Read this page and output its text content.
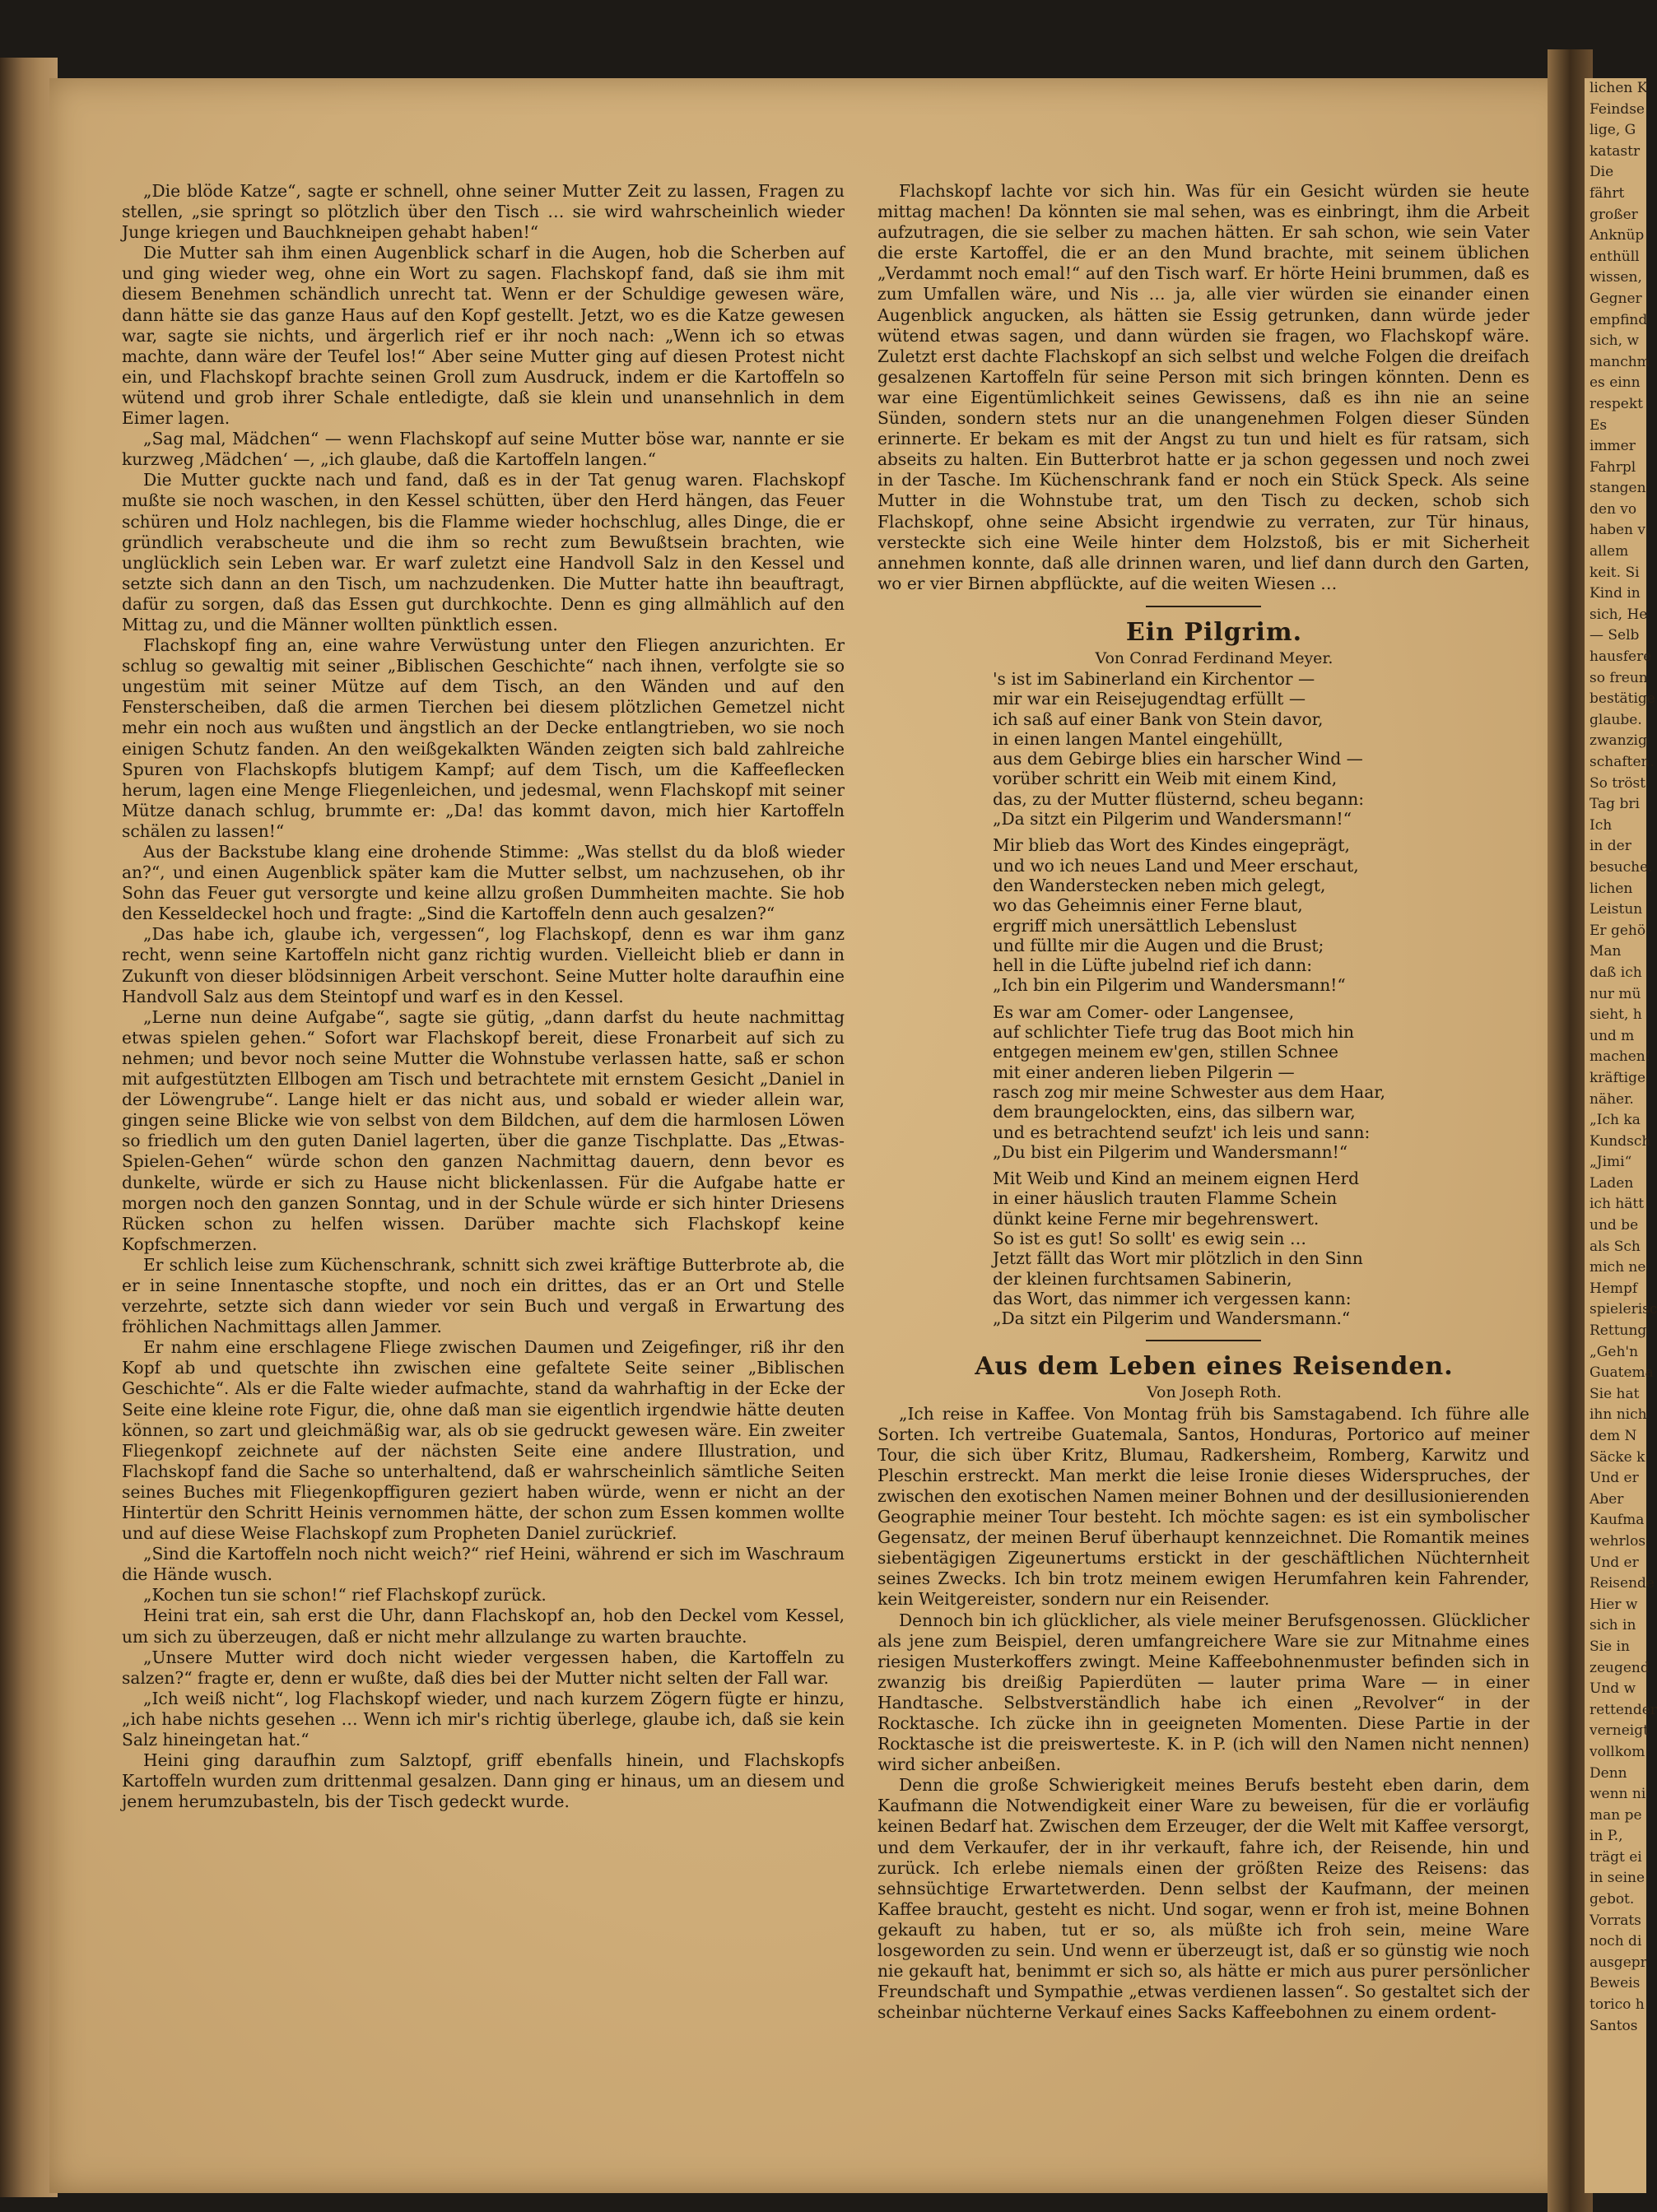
„Die blöde Katze“, sagte er schnell, ohne seiner Mutter Zeit zu lassen, Fragen zu stellen, „sie springt so plötzlich über den Tisch … sie wird wahrscheinlich wieder Junge kriegen und Bauchkneipen gehabt haben!“

Die Mutter sah ihm einen Augenblick scharf in die Augen, hob die Scherben auf und ging wieder weg, ohne ein Wort zu sagen. Flachskopf fand, daß sie ihm mit diesem Benehmen schändlich unrecht tat. Wenn er der Schuldige gewesen wäre, dann hätte sie das ganze Haus auf den Kopf gestellt. Jetzt, wo es die Katze gewesen war, sagte sie nichts, und ärgerlich rief er ihr noch nach: „Wenn ich so etwas machte, dann wäre der Teufel los!“ Aber seine Mutter ging auf diesen Protest nicht ein, und Flachskopf brachte seinen Groll zum Ausdruck, indem er die Kartoffeln so wütend und grob ihrer Schale entledigte, daß sie klein und unansehnlich in dem Eimer lagen.

„Sag mal, Mädchen“ — wenn Flachskopf auf seine Mutter böse war, nannte er sie kurzweg ‚Mädchen‘ —, „ich glaube, daß die Kartoffeln langen.“

Die Mutter guckte nach und fand, daß es in der Tat genug waren. Flachskopf mußte sie noch waschen, in den Kessel schütten, über den Herd hängen, das Feuer schüren und Holz nachlegen, bis die Flamme wieder hochschlug, alles Dinge, die er gründlich verabscheute und die ihm so recht zum Bewußtsein brachten, wie unglücklich sein Leben war. Er warf zuletzt eine Handvoll Salz in den Kessel und setzte sich dann an den Tisch, um nachzudenken. Die Mutter hatte ihn beauftragt, dafür zu sorgen, daß das Essen gut durchkochte. Denn es ging allmählich auf den Mittag zu, und die Männer wollten pünktlich essen.

Flachskopf fing an, eine wahre Verwüstung unter den Fliegen anzurichten. Er schlug so gewaltig mit seiner „Biblischen Geschichte“ nach ihnen, verfolgte sie so ungestüm mit seiner Mütze auf dem Tisch, an den Wänden und auf den Fensterscheiben, daß die armen Tierchen bei diesem plötzlichen Gemetzel nicht mehr ein noch aus wußten und ängstlich an der Decke entlangtrieben, wo sie noch einigen Schutz fanden. An den weißgekalkten Wänden zeigten sich bald zahlreiche Spuren von Flachskopfs blutigem Kampf; auf dem Tisch, um die Kaffeeflecken herum, lagen eine Menge Fliegenleichen, und jedesmal, wenn Flachskopf mit seiner Mütze danach schlug, brummte er: „Da! das kommt davon, mich hier Kartoffeln schälen zu lassen!“

Aus der Backstube klang eine drohende Stimme: „Was stellst du da bloß wieder an?“, und einen Augenblick später kam die Mutter selbst, um nachzusehen, ob ihr Sohn das Feuer gut versorgte und keine allzu großen Dummheiten machte. Sie hob den Kesseldeckel hoch und fragte: „Sind die Kartoffeln denn auch gesalzen?“

„Das habe ich, glaube ich, vergessen“, log Flachskopf, denn es war ihm ganz recht, wenn seine Kartoffeln nicht ganz richtig wurden. Vielleicht blieb er dann in Zukunft von dieser blödsinnigen Arbeit verschont. Seine Mutter holte daraufhin eine Handvoll Salz aus dem Steintopf und warf es in den Kessel.

„Lerne nun deine Aufgabe“, sagte sie gütig, „dann darfst du heute nachmittag etwas spielen gehen.“ Sofort war Flachskopf bereit, diese Fronarbeit auf sich zu nehmen; und bevor noch seine Mutter die Wohnstube verlassen hatte, saß er schon mit aufgestützten Ellbogen am Tisch und betrachtete mit ernstem Gesicht „Daniel in der Löwengrube“. Lange hielt er das nicht aus, und sobald er wieder allein war, gingen seine Blicke wie von selbst von dem Bildchen, auf dem die harmlosen Löwen so friedlich um den guten Daniel lagerten, über die ganze Tischplatte. Das „Etwas-Spielen-Gehen“ würde schon den ganzen Nachmittag dauern, denn bevor es dunkelte, würde er sich zu Hause nicht blickenlassen. Für die Aufgabe hatte er morgen noch den ganzen Sonntag, und in der Schule würde er sich hinter Driesens Rücken schon zu helfen wissen. Darüber machte sich Flachskopf keine Kopfschmerzen.

Er schlich leise zum Küchenschrank, schnitt sich zwei kräftige Butterbrote ab, die er in seine Innentasche stopfte, und noch ein drittes, das er an Ort und Stelle verzehrte, setzte sich dann wieder vor sein Buch und vergaß in Erwartung des fröhlichen Nachmittags allen Jammer.

Er nahm eine erschlagene Fliege zwischen Daumen und Zeigefinger, riß ihr den Kopf ab und quetschte ihn zwischen eine gefaltete Seite seiner „Biblischen Geschichte“. Als er die Falte wieder aufmachte, stand da wahrhaftig in der Ecke der Seite eine kleine rote Figur, die, ohne daß man sie eigentlich irgendwie hätte deuten können, so zart und gleichmäßig war, als ob sie gedruckt gewesen wäre. Ein zweiter Fliegenkopf zeichnete auf der nächsten Seite eine andere Illustration, und Flachskopf fand die Sache so unterhaltend, daß er wahrscheinlich sämtliche Seiten seines Buches mit Fliegenkopffiguren geziert haben würde, wenn er nicht an der Hintertür den Schritt Heinis vernommen hätte, der schon zum Essen kommen wollte und auf diese Weise Flachskopf zum Propheten Daniel zurückrief.

„Sind die Kartoffeln noch nicht weich?“ rief Heini, während er sich im Waschraum die Hände wusch.

„Kochen tun sie schon!“ rief Flachskopf zurück.

Heini trat ein, sah erst die Uhr, dann Flachskopf an, hob den Deckel vom Kessel, um sich zu überzeugen, daß er nicht mehr allzulange zu warten brauchte.

„Unsere Mutter wird doch nicht wieder vergessen haben, die Kartoffeln zu salzen?“ fragte er, denn er wußte, daß dies bei der Mutter nicht selten der Fall war.

„Ich weiß nicht“, log Flachskopf wieder, und nach kurzem Zögern fügte er hinzu, „ich habe nichts gesehen … Wenn ich mir's richtig überlege, glaube ich, daß sie kein Salz hineingetan hat.“

Heini ging daraufhin zum Salztopf, griff ebenfalls hinein, und Flachskopfs Kartoffeln wurden zum drittenmal gesalzen. Dann ging er hinaus, um an diesem und jenem herumzubasteln, bis der Tisch gedeckt wurde.

Flachskopf lachte vor sich hin. Was für ein Gesicht würden sie heute mittag machen! Da könnten sie mal sehen, was es einbringt, ihm die Arbeit aufzutragen, die sie selber zu machen hätten. Er sah schon, wie sein Vater die erste Kartoffel, die er an den Mund brachte, mit seinem üblichen „Verdammt noch emal!“ auf den Tisch warf. Er hörte Heini brummen, daß es zum Umfallen wäre, und Nis … ja, alle vier würden sie einander einen Augenblick angucken, als hätten sie Essig getrunken, dann würde jeder wütend etwas sagen, und dann würden sie fragen, wo Flachskopf wäre. Zuletzt erst dachte Flachskopf an sich selbst und welche Folgen die dreifach gesalzenen Kartoffeln für seine Person mit sich bringen könnten. Denn es war eine Eigentümlichkeit seines Gewissens, daß es ihn nie an seine Sünden, sondern stets nur an die unangenehmen Folgen dieser Sünden erinnerte. Er bekam es mit der Angst zu tun und hielt es für ratsam, sich abseits zu halten. Ein Butterbrot hatte er ja schon gegessen und noch zwei in der Tasche. Im Küchenschrank fand er noch ein Stück Speck. Als seine Mutter in die Wohnstube trat, um den Tisch zu decken, schob sich Flachskopf, ohne seine Absicht irgendwie zu verraten, zur Tür hinaus, versteckte sich eine Weile hinter dem Holzstoß, bis er mit Sicherheit annehmen konnte, daß alle drinnen waren, und lief dann durch den Garten, wo er vier Birnen abpflückte, auf die weiten Wiesen …

Ein Pilgrim.

Von Conrad Ferdinand Meyer.

's ist im Sabinerland ein Kirchentor —
mir war ein Reisejugendtag erfüllt —
ich saß auf einer Bank von Stein davor,
in einen langen Mantel eingehüllt,
aus dem Gebirge blies ein harscher Wind —
vorüber schritt ein Weib mit einem Kind,
das, zu der Mutter flüsternd, scheu begann:
„Da sitzt ein Pilgerim und Wandersmann!“
Mir blieb das Wort des Kindes eingeprägt,
und wo ich neues Land und Meer erschaut,
den Wanderstecken neben mich gelegt,
wo das Geheimnis einer Ferne blaut,
ergriff mich unersättlich Lebenslust
und füllte mir die Augen und die Brust;
hell in die Lüfte jubelnd rief ich dann:
„Ich bin ein Pilgerim und Wandersmann!“
Es war am Comer- oder Langensee,
auf schlichter Tiefe trug das Boot mich hin
entgegen meinem ew'gen, stillen Schnee
mit einer anderen lieben Pilgerin —
rasch zog mir meine Schwester aus dem Haar,
dem braungelockten, eins, das silbern war,
und es betrachtend seufzt' ich leis und sann:
„Du bist ein Pilgerim und Wandersmann!“
Mit Weib und Kind an meinem eignen Herd
in einer häuslich trauten Flamme Schein
dünkt keine Ferne mir begehrenswert.
So ist es gut! So sollt' es ewig sein …
Jetzt fällt das Wort mir plötzlich in den Sinn
der kleinen furchtsamen Sabinerin,
das Wort, das nimmer ich vergessen kann:
„Da sitzt ein Pilgerim und Wandersmann.“

Aus dem Leben eines Reisenden.

Von Joseph Roth.

„Ich reise in Kaffee. Von Montag früh bis Samstagabend. Ich führe alle Sorten. Ich vertreibe Guatemala, Santos, Honduras, Portorico auf meiner Tour, die sich über Kritz, Blumau, Radkersheim, Romberg, Karwitz und Pleschin erstreckt. Man merkt die leise Ironie dieses Widerspruches, der zwischen den exotischen Namen meiner Bohnen und der desillusionierenden Geographie meiner Tour besteht. Ich möchte sagen: es ist ein symbolischer Gegensatz, der meinen Beruf überhaupt kennzeichnet. Die Romantik meines siebentägigen Zigeunertums erstickt in der geschäftlichen Nüchternheit seines Zwecks. Ich bin trotz meinem ewigen Herumfahren kein Fahrender, kein Weitgereister, sondern nur ein Reisender.

Dennoch bin ich glücklicher, als viele meiner Berufsgenossen. Glücklicher als jene zum Beispiel, deren umfangreichere Ware sie zur Mitnahme eines riesigen Musterkoffers zwingt. Meine Kaffeebohnenmuster befinden sich in zwanzig bis dreißig Papierdüten — lauter prima Ware — in einer Handtasche. Selbstverständlich habe ich einen „Revolver“ in der Rocktasche. Ich zücke ihn in geeigneten Momenten. Diese Partie in der Rocktasche ist die preiswerteste. K. in P. (ich will den Namen nicht nennen) wird sicher anbeißen.

Denn die große Schwierigkeit meines Berufs besteht eben darin, dem Kaufmann die Notwendigkeit einer Ware zu beweisen, für die er vorläufig keinen Bedarf hat. Zwischen dem Erzeuger, der die Welt mit Kaffee versorgt, und dem Verkaufer, der in ihr verkauft, fahre ich, der Reisende, hin und zurück. Ich erlebe niemals einen der größten Reize des Reisens: das sehnsüchtige Erwartetwerden. Denn selbst der Kaufmann, der meinen Kaffee braucht, gesteht es nicht. Und sogar, wenn er froh ist, meine Bohnen gekauft zu haben, tut er so, als müßte ich froh sein, meine Ware losgeworden zu sein. Und wenn er überzeugt ist, daß er so günstig wie noch nie gekauft hat, benimmt er sich so, als hätte er mich aus purer persönlicher Freundschaft und Sympathie „etwas verdienen lassen“. So gestaltet sich der scheinbar nüchterne Verkauf eines Sacks Kaffeebohnen zu einem ordent-

lichen K
Feindse
lige, G
katastr
Die
fährt
großer
Anknüp
enthüll
wissen,
Gegner
empfind
sich, w
manchm
es einn
respekt
Es
immer
Fahrpl
stangen
den vo
haben v
allem
keit. Si
Kind in
sich, He
— Selb
hausfere
so freun
bestätige
glaube.
zwanzig
schaften.
So tröst
Tag bri
Ich
in der
besuche.
lichen
Leistun
Er gehö
Man
daß ich
nur mü
sieht, h
und m
machen!
kräftige
näher.
„Ich ka
Kundsch
„Jimi“
Laden
ich hätt
und be
als Sch
mich ne
Hempf
spielerisc
Rettung
„Geh'n
Guatema
Sie hat
ihn nich
dem N
Säcke k
Und er
Aber
Kaufma
wehrlos
Und er
Reisende
Hier w
sich in
Sie in
zeugend
Und w
rettender
verneigt
vollkom
Denn
wenn ni
man pe
in P.,
trägt ei
in seine
gebot.
Vorrats
noch di
ausgepr
Beweis
torico h
Santos
